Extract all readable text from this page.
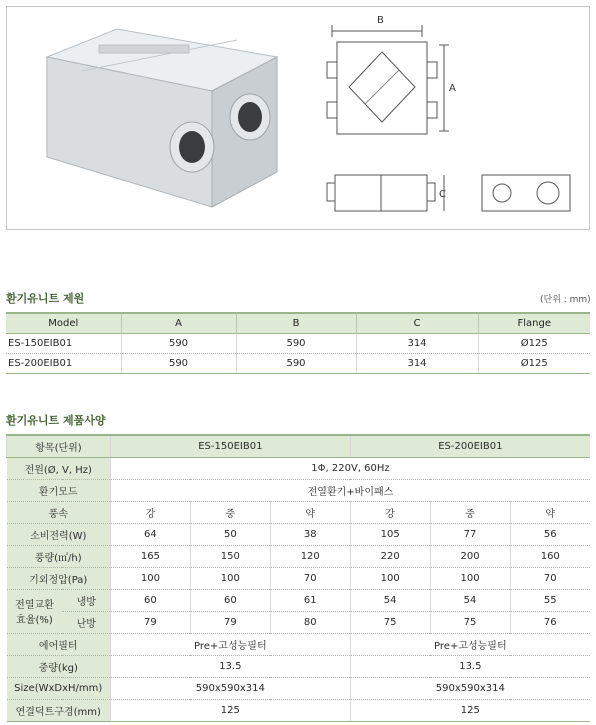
B
A
C
환기유니트 제원	(단위 : mm)
Model	A	B	C	Flange
ES-150EIB01	590	590	314	Ø125
ES-200EIB01	590	590	314	Ø125
환기유니트 제품사양
항목(단위)		ES-150EIB01			ES-200EIB01		
전원(Ø, V, Hz)		1Φ, 220V, 60Hz					
환기모드		전열환기+바이패스					
풍속		강	중	약	강	중	약
소비전력(W)		64	50	38	105	77	56
풍량(㎥/h)		165	150	120	220	200	160
기외정압(Pa)		100	100	70	100	100	70

전열교환
효율(%)	냉방	60	60	61	54	54	55
	난방	79	79	80	75	75	76
에어필터		Pre+고성능필터			Pre+고성능필터		
중량(kg)		13.5			13.5		
Size(WxDxH/mm)		590x590x314			590x590x314		
연결덕트구경(mm)		125			125		
